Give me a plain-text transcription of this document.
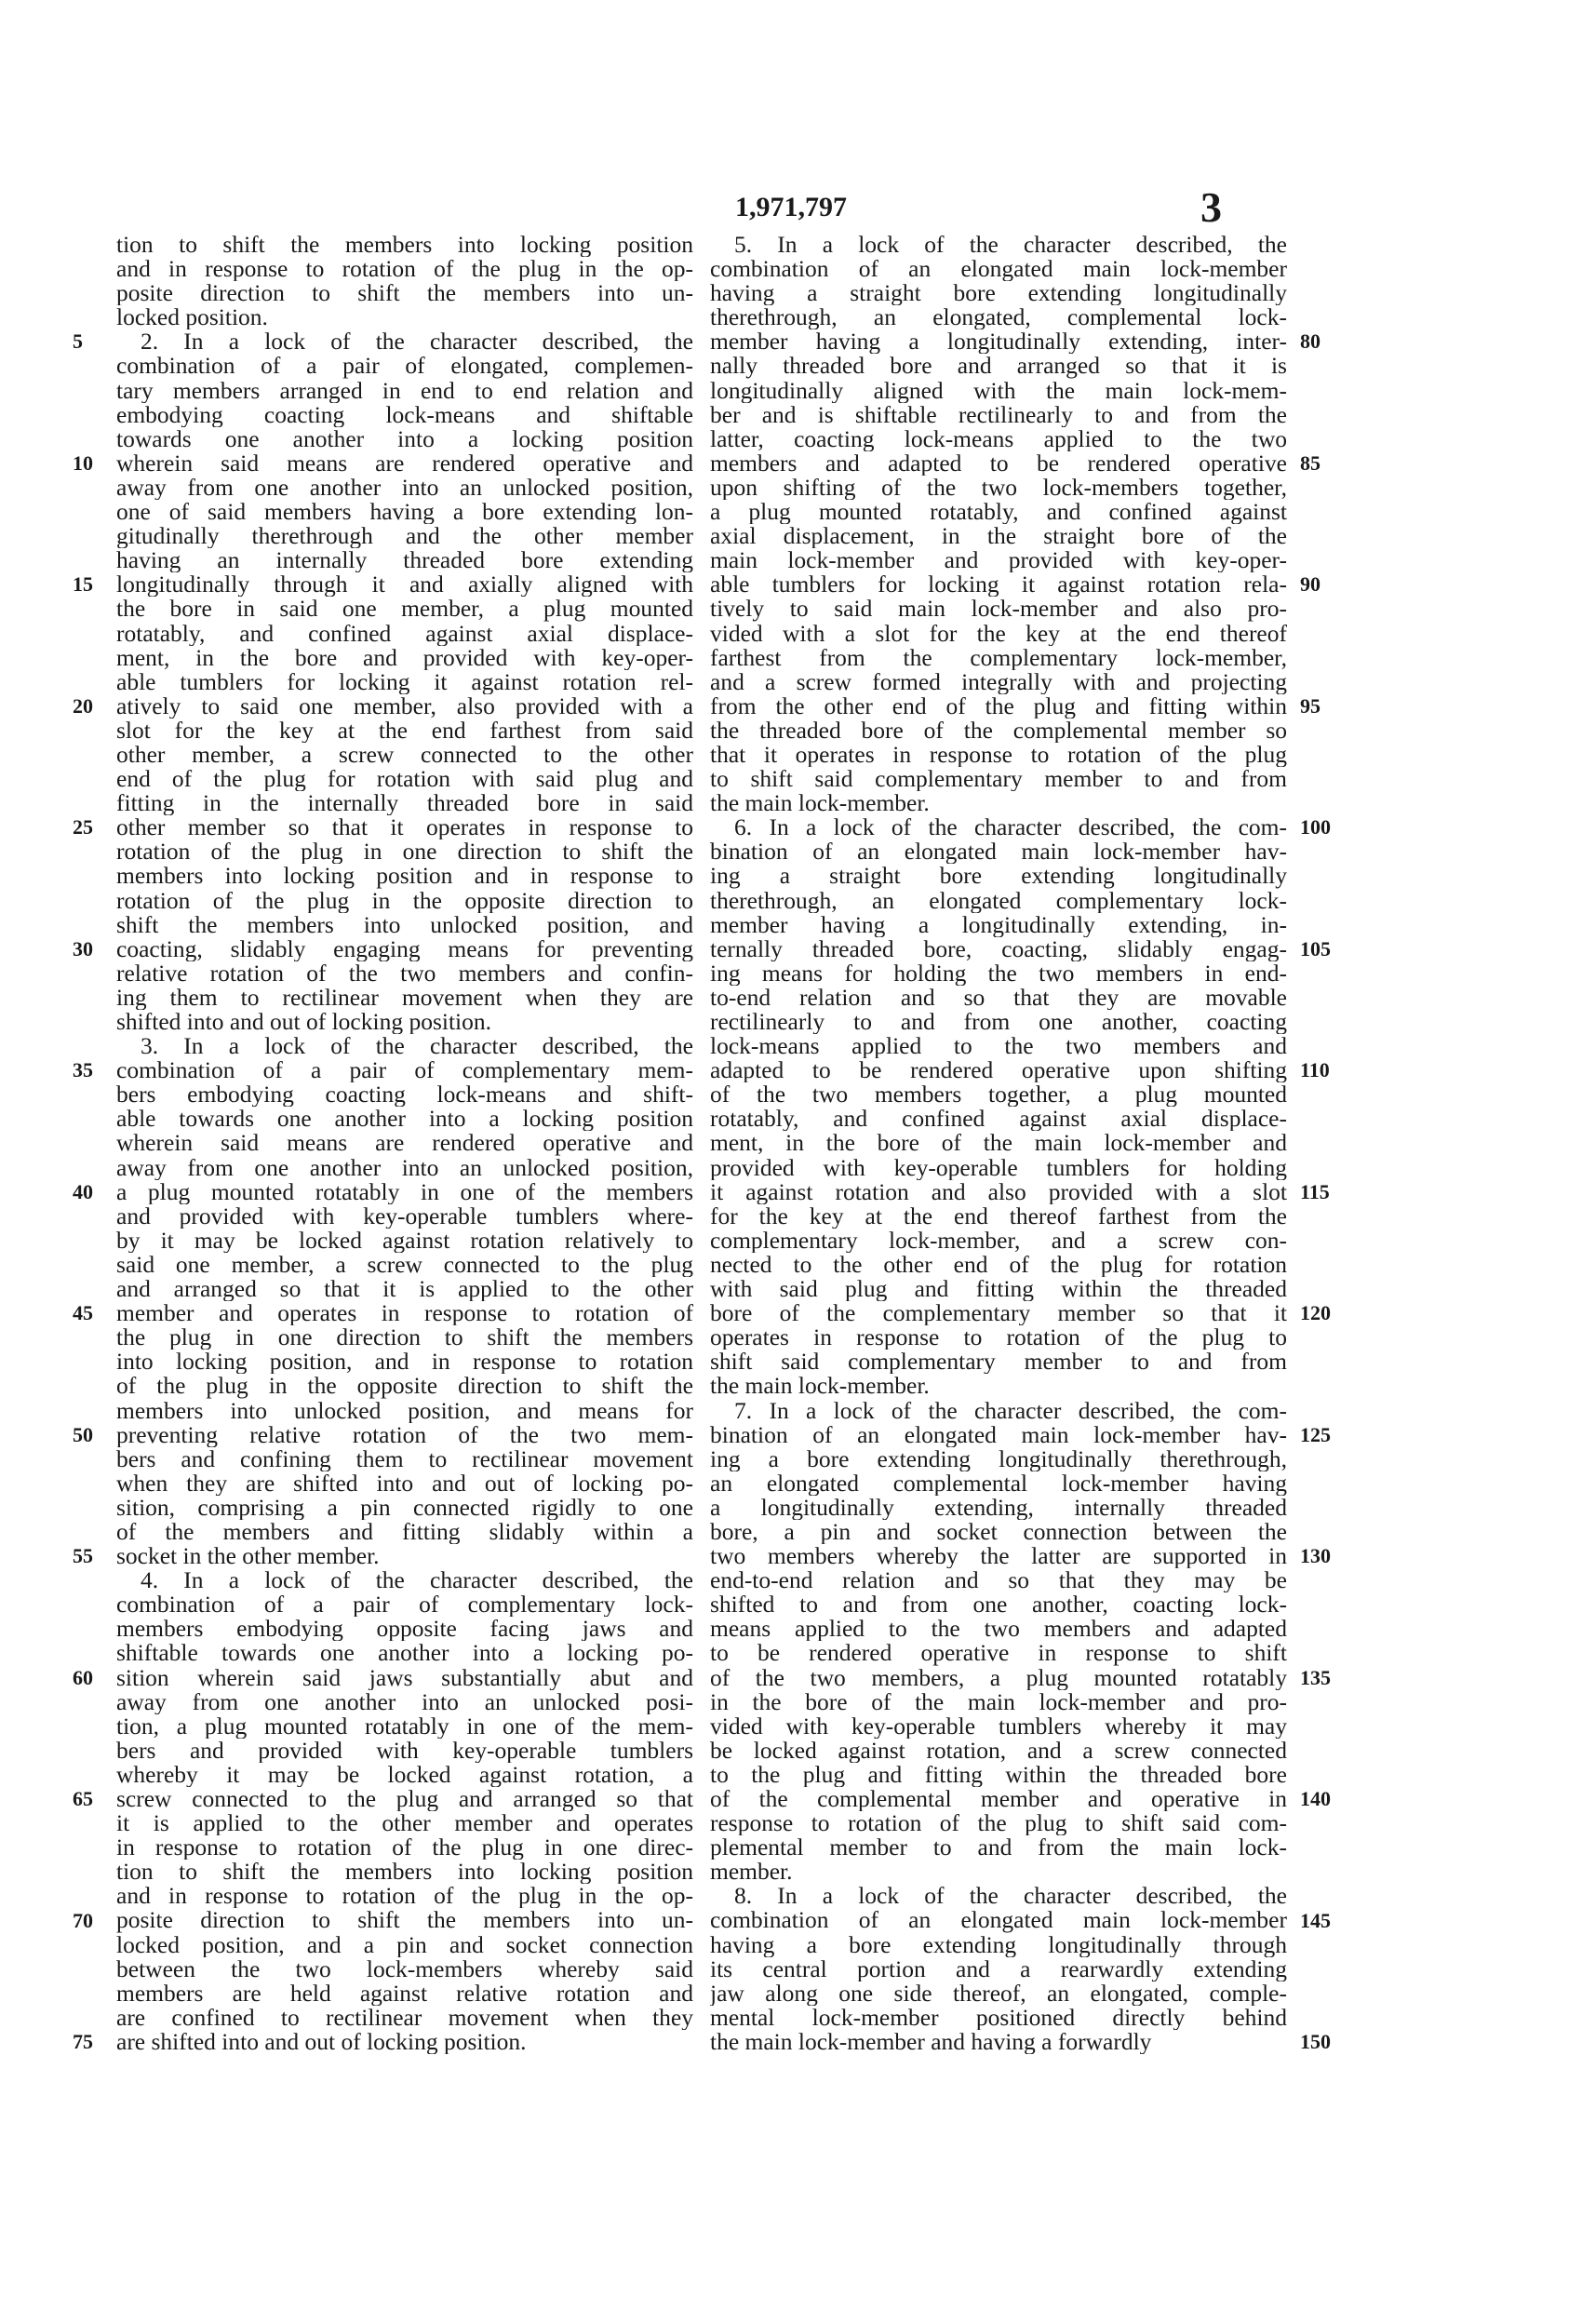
1,971,797	3
tion to shift the members into locking position
and in response to rotation of the plug in the op-
posite direction to shift the members into un-
locked position.
2. In a lock of the character described, the
combination of a pair of elongated, complemen-
tary members arranged in end to end relation and
embodying coacting lock-means and shiftable
towards one another into a locking position
wherein said means are rendered operative and
away from one another into an unlocked position,
one of said members having a bore extending lon-
gitudinally therethrough and the other member
having an internally threaded bore extending
longitudinally through it and axially aligned with
the bore in said one member, a plug mounted
rotatably, and confined against axial displace-
ment, in the bore and provided with key-oper-
able tumblers for locking it against rotation rel-
atively to said one member, also provided with a
slot for the key at the end farthest from said
other member, a screw connected to the other
end of the plug for rotation with said plug and
fitting in the internally threaded bore in said
other member so that it operates in response to
rotation of the plug in one direction to shift the
members into locking position and in response to
rotation of the plug in the opposite direction to
shift the members into unlocked position, and
coacting, slidably engaging means for preventing
relative rotation of the two members and confin-
ing them to rectilinear movement when they are
shifted into and out of locking position.
3. In a lock of the character described, the
combination of a pair of complementary mem-
bers embodying coacting lock-means and shift-
able towards one another into a locking position
wherein said means are rendered operative and
away from one another into an unlocked position,
a plug mounted rotatably in one of the members
and provided with key-operable tumblers where-
by it may be locked against rotation relatively to
said one member, a screw connected to the plug
and arranged so that it is applied to the other
member and operates in response to rotation of
the plug in one direction to shift the members
into locking position, and in response to rotation
of the plug in the opposite direction to shift the
members into unlocked position, and means for
preventing relative rotation of the two mem-
bers and confining them to rectilinear movement
when they are shifted into and out of locking po-
sition, comprising a pin connected rigidly to one
of the members and fitting slidably within a
socket in the other member.
4. In a lock of the character described, the
combination of a pair of complementary lock-
members embodying opposite facing jaws and
shiftable towards one another into a locking po-
sition wherein said jaws substantially abut and
away from one another into an unlocked posi-
tion, a plug mounted rotatably in one of the mem-
bers and provided with key-operable tumblers
whereby it may be locked against rotation, a
screw connected to the plug and arranged so that
it is applied to the other member and operates
in response to rotation of the plug in one direc-
tion to shift the members into locking position
and in response to rotation of the plug in the op-
posite direction to shift the members into un-
locked position, and a pin and socket connection
between the two lock-members whereby said
members are held against relative rotation and
are confined to rectilinear movement when they
are shifted into and out of locking position.
5. In a lock of the character described, the
combination of an elongated main lock-member
having a straight bore extending longitudinally
therethrough, an elongated, complemental lock-
member having a longitudinally extending, inter-
nally threaded bore and arranged so that it is
longitudinally aligned with the main lock-mem-
ber and is shiftable rectilinearly to and from the
latter, coacting lock-means applied to the two
members and adapted to be rendered operative
upon shifting of the two lock-members together,
a plug mounted rotatably, and confined against
axial displacement, in the straight bore of the
main lock-member and provided with key-oper-
able tumblers for locking it against rotation rela-
tively to said main lock-member and also pro-
vided with a slot for the key at the end thereof
farthest from the complementary lock-member,
and a screw formed integrally with and projecting
from the other end of the plug and fitting within
the threaded bore of the complemental member so
that it operates in response to rotation of the plug
to shift said complementary member to and from
the main lock-member.
6. In a lock of the character described, the com-
bination of an elongated main lock-member hav-
ing a straight bore extending longitudinally
therethrough, an elongated complementary lock-
member having a longitudinally extending, in-
ternally threaded bore, coacting, slidably engag-
ing means for holding the two members in end-
to-end relation and so that they are movable
rectilinearly to and from one another, coacting
lock-means applied to the two members and
adapted to be rendered operative upon shifting
of the two members together, a plug mounted
rotatably, and confined against axial displace-
ment, in the bore of the main lock-member and
provided with key-operable tumblers for holding
it against rotation and also provided with a slot
for the key at the end thereof farthest from the
complementary lock-member, and a screw con-
nected to the other end of the plug for rotation
with said plug and fitting within the threaded
bore of the complementary member so that it
operates in response to rotation of the plug to
shift said complementary member to and from
the main lock-member.
7. In a lock of the character described, the com-
bination of an elongated main lock-member hav-
ing a bore extending longitudinally therethrough,
an elongated complemental lock-member having
a longitudinally extending, internally threaded
bore, a pin and socket connection between the
two members whereby the latter are supported in
end-to-end relation and so that they may be
shifted to and from one another, coacting lock-
means applied to the two members and adapted
to be rendered operative in response to shift
of the two members, a plug mounted rotatably
in the bore of the main lock-member and pro-
vided with key-operable tumblers whereby it may
be locked against rotation, and a screw connected
to the plug and fitting within the threaded bore
of the complemental member and operative in
response to rotation of the plug to shift said com-
plemental member to and from the main lock-
member.
8. In a lock of the character described, the
combination of an elongated main lock-member
having a bore extending longitudinally through
its central portion and a rearwardly extending
jaw along one side thereof, an elongated, comple-
mental lock-member positioned directly behind
the main lock-member and having a forwardly
5
10
15
20
25
30
35
40
45
50
55
60
65
70
75
80
85
90
95
100
105
110
115
120
125
130
135
140
145
150
